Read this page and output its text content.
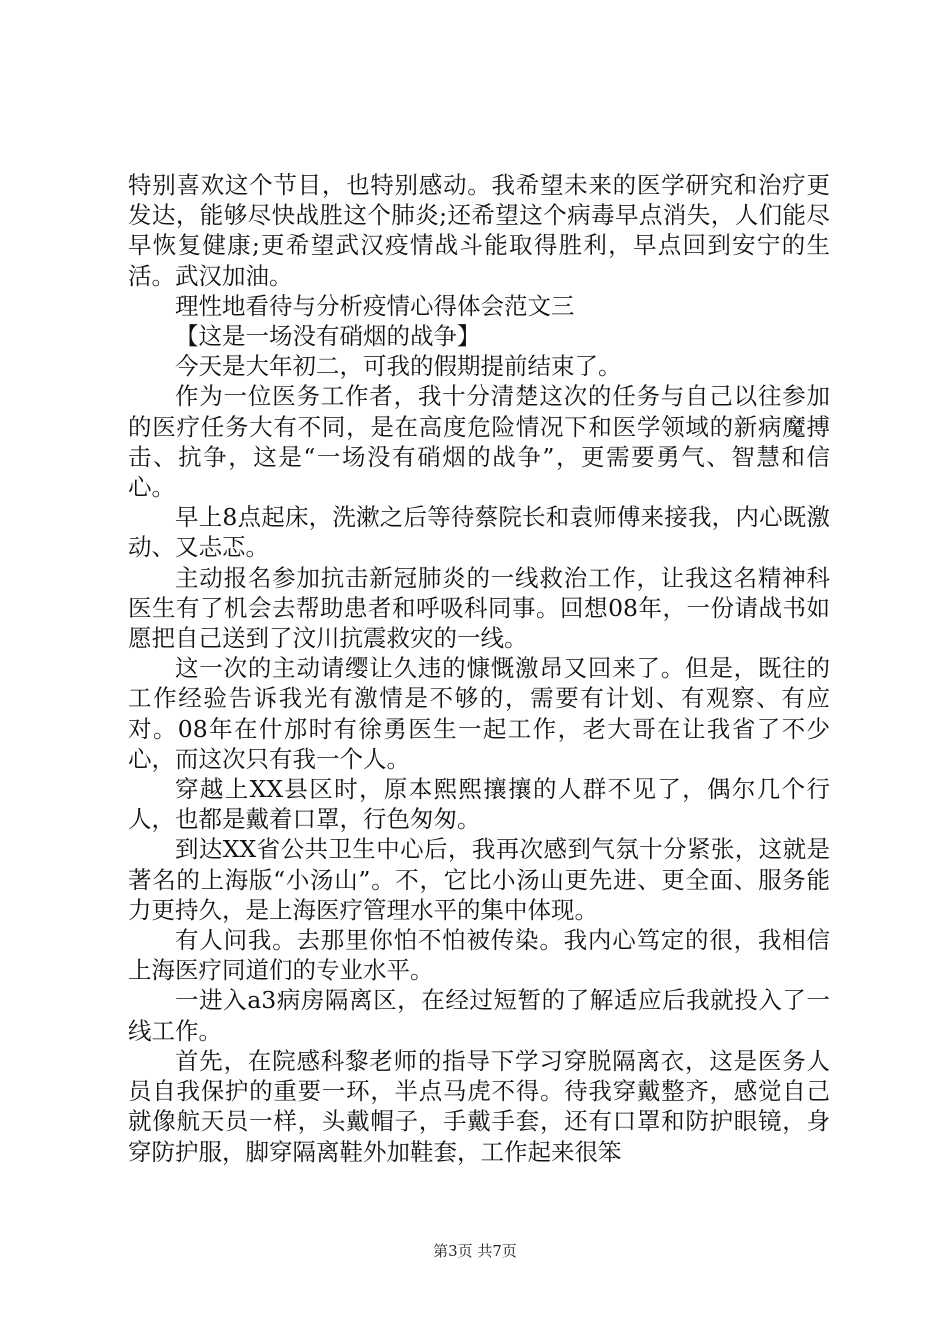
特别喜欢这个节目，也特别感动。我希望未来的医学研究和治疗更发达，能够尽快战胜这个肺炎;还希望这个病毒早点消失，人们能尽早恢复健康;更希望武汉疫情战斗能取得胜利，早点回到安宁的生活。武汉加油。

理性地看待与分析疫情心得体会范文三

【这是一场没有硝烟的战争】

今天是大年初二，可我的假期提前结束了。

作为一位医务工作者，我十分清楚这次的任务与自己以往参加的医疗任务大有不同，是在高度危险情况下和医学领域的新病魔搏击、抗争，这是“一场没有硝烟的战争”，更需要勇气、智慧和信心。

早上8点起床，洗漱之后等待蔡院长和袁师傅来接我，内心既激动、又忐忑。

主动报名参加抗击新冠肺炎的一线救治工作，让我这名精神科医生有了机会去帮助患者和呼吸科同事。回想08年，一份请战书如愿把自己送到了汶川抗震救灾的一线。

这一次的主动请缨让久违的慷慨激昂又回来了。但是，既往的工作经验告诉我光有激情是不够的，需要有计划、有观察、有应对。08年在什邡时有徐勇医生一起工作，老大哥在让我省了不少心，而这次只有我一个人。

穿越上XX县区时，原本熙熙攘攘的人群不见了，偶尔几个行人，也都是戴着口罩，行色匆匆。

到达XX省公共卫生中心后，我再次感到气氛十分紧张，这就是著名的上海版“小汤山”。不，它比小汤山更先进、更全面、服务能力更持久，是上海医疗管理水平的集中体现。

有人问我。去那里你怕不怕被传染。我内心笃定的很，我相信上海医疗同道们的专业水平。

一进入a3病房隔离区，在经过短暂的了解适应后我就投入了一线工作。

首先，在院感科黎老师的指导下学习穿脱隔离衣，这是医务人员自我保护的重要一环，半点马虎不得。待我穿戴整齐，感觉自己就像航天员一样，头戴帽子，手戴手套，还有口罩和防护眼镜，身穿防护服，脚穿隔离鞋外加鞋套，工作起来很笨

第3页 共7页
